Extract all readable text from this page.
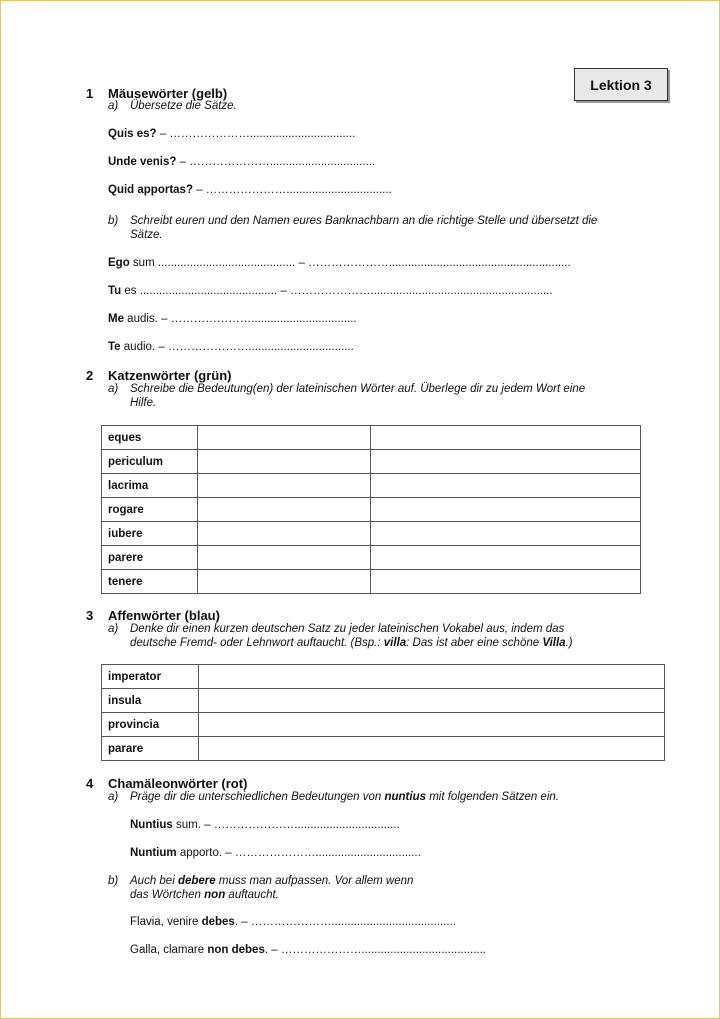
Lektion 3
1 Mäusewörter (gelb)
a) Übersetze die Sätze.
Quis es? – ………………….................................
Unde venis? – ………………….................................
Quid apportas? – ………………….................................
b) Schreibt euren und den Namen eures Banknachbarn an die richtige Stelle und übersetzt die
Sätze.
Ego sum ........................................... – ………………….........................................................
Tu es ........................................... – ………………….........................................................
Me audis. – ………………….................................
Te audio. – ………………….................................
2 Katzenwörter (grün)
a) Schreibe die Bedeutung(en) der lateinischen Wörter auf. Überlege dir zu jedem Wort eine
Hilfe.
eques		
periculum		
lacrima		
rogare		
iubere		
parere		
tenere		
3 Affenwörter (blau)
a) Denke dir einen kurzen deutschen Satz zu jeder lateinischen Vokabel aus, indem das
deutsche Fremd- oder Lehnwort auftaucht. (Bsp.: villa: Das ist aber eine schöne Villa.)
imperator	
insula	
provincia	
parare	
4 Chamäleonwörter (rot)
a) Präge dir die unterschiedlichen Bedeutungen von nuntius mit folgenden Sätzen ein.
Nuntius sum. – ………………….................................
Nuntium apporto. – ………………….................................
b) Auch bei debere muss man aufpassen. Vor allem wenn
das Wörtchen non auftaucht.
Flavia, venire debes. – ………………….......................................
Galla, clamare non debes. – ………………….......................................
